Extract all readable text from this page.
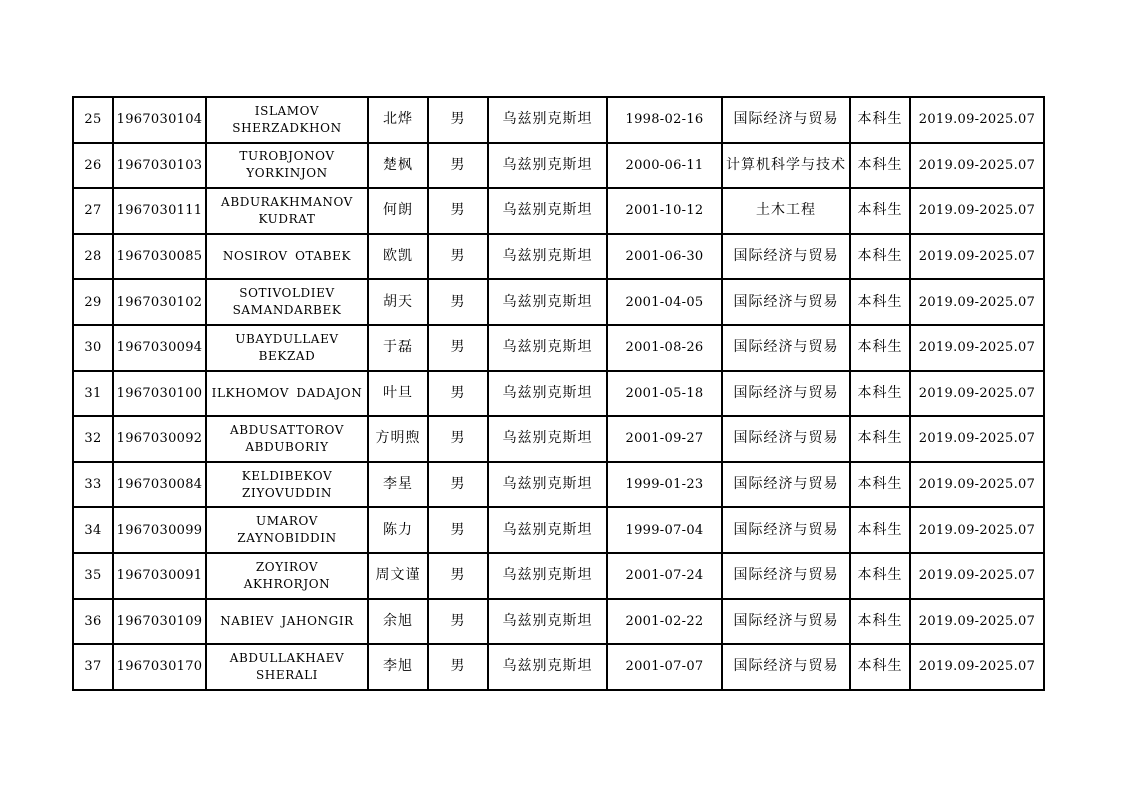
25	1967030104	ISLAMOV SHERZADKHON	北烨	男	乌兹别克斯坦	1998-02-16	国际经济与贸易	本科生	2019.09-2025.07
26	1967030103	TUROBJONOV YORKINJON	楚枫	男	乌兹别克斯坦	2000-06-11	计算机科学与技术	本科生	2019.09-2025.07
27	1967030111	ABDURAKHMANOV KUDRAT	何朗	男	乌兹别克斯坦	2001-10-12	土木工程	本科生	2019.09-2025.07
28	1967030085	NOSIROV OTABEK	欧凯	男	乌兹别克斯坦	2001-06-30	国际经济与贸易	本科生	2019.09-2025.07
29	1967030102	SOTIVOLDIEV SAMANDARBEK	胡天	男	乌兹别克斯坦	2001-04-05	国际经济与贸易	本科生	2019.09-2025.07
30	1967030094	UBAYDULLAEV BEKZAD	于磊	男	乌兹别克斯坦	2001-08-26	国际经济与贸易	本科生	2019.09-2025.07
31	1967030100	ILKHOMOV DADAJON	叶旦	男	乌兹别克斯坦	2001-05-18	国际经济与贸易	本科生	2019.09-2025.07
32	1967030092	ABDUSATTOROV ABDUBORIY	方明煦	男	乌兹别克斯坦	2001-09-27	国际经济与贸易	本科生	2019.09-2025.07
33	1967030084	KELDIBEKOV ZIYOVUDDIN	李星	男	乌兹别克斯坦	1999-01-23	国际经济与贸易	本科生	2019.09-2025.07
34	1967030099	UMAROV ZAYNOBIDDIN	陈力	男	乌兹别克斯坦	1999-07-04	国际经济与贸易	本科生	2019.09-2025.07
35	1967030091	ZOYIROV AKHRORJON	周文谨	男	乌兹别克斯坦	2001-07-24	国际经济与贸易	本科生	2019.09-2025.07
36	1967030109	NABIEV JAHONGIR	余旭	男	乌兹别克斯坦	2001-02-22	国际经济与贸易	本科生	2019.09-2025.07
37	1967030170	ABDULLAKHAEV SHERALI	李旭	男	乌兹别克斯坦	2001-07-07	国际经济与贸易	本科生	2019.09-2025.07
